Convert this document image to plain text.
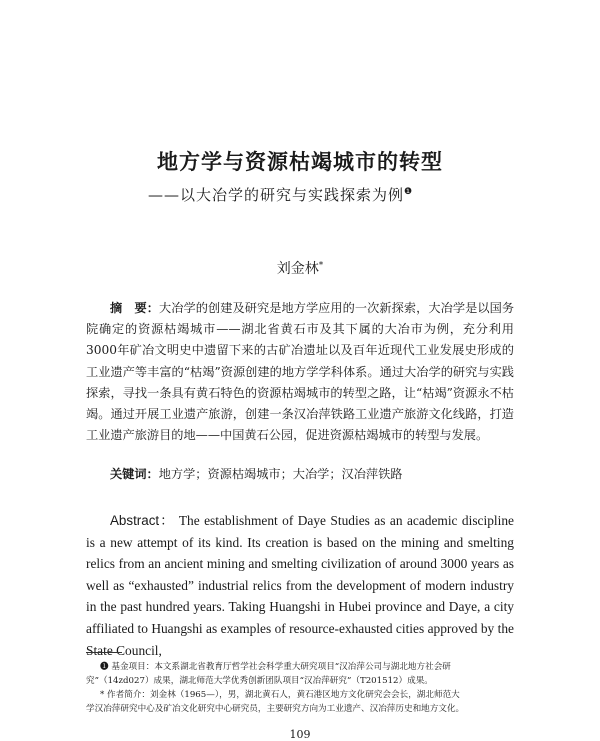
地方学与资源枯竭城市的转型
——以大冶学的研究与实践探索为例$^❶$
刘金林*
摘　要：大冶学的创建及研究是地方学应用的一次新探索，大冶学是以国务院确定的资源枯竭城市——湖北省黄石市及其下属的大冶市为例，充分利用3000年矿冶文明史中遗留下来的古矿冶遗址以及百年近现代工业发展史形成的工业遗产等丰富的“枯竭”资源创建的地方学学科体系。通过大冶学的研究与实践探索，寻找一条具有黄石特色的资源枯竭城市的转型之路，让“枯竭”资源永不枯竭。通过开展工业遗产旅游，创建一条汉冶萍铁路工业遗产旅游文化线路，打造工业遗产旅游目的地——中国黄石公园，促进资源枯竭城市的转型与发展。
关键词：地方学；资源枯竭城市；大冶学；汉冶萍铁路
Abstract： The establishment of Daye Studies as an academic discipline is a new attempt of its kind. Its creation is based on the mining and smelting relics from an ancient mining and smelting civilization of around 3000 years as well as “exhausted” industrial relics from the development of modern industry in the past hundred years. Taking Huangshi in Hubei province and Daye, a city affiliated to Huangshi as examples of resource-exhausted cities approved by the State Council,
❶ 基金项目：本文系湖北省教育厅哲学社会科学重大研究项目“汉冶萍公司与湖北地方社会研
究”（14zd027）成果，湖北师范大学优秀创新团队项目“汉冶萍研究”（T201512）成果。
* 作者简介：刘金林（1965—），男，湖北黄石人，黄石港区地方文化研究会会长，湖北师范大
学汉冶萍研究中心及矿冶文化研究中心研究员，主要研究方向为工业遗产、汉冶萍历史和地方文化。
109
